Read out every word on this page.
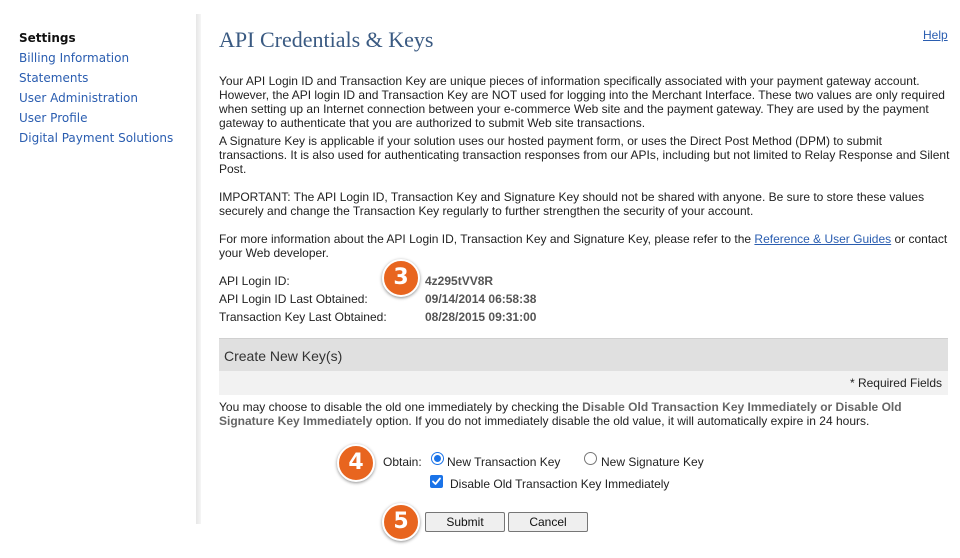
Settings
Billing Information
Statements
User Administration
User Profile
Digital Payment Solutions
API Credentials & Keys	Help
Your API Login ID and Transaction Key are unique pieces of information specifically associated with your payment gateway account. However, the API login ID and Transaction Key are NOT used for logging into the Merchant Interface. These two values are only required when setting up an Internet connection between your e-commerce Web site and the payment gateway. They are used by the payment gateway to authenticate that you are authorized to submit Web site transactions.
A Signature Key is applicable if your solution uses our hosted payment form, or uses the Direct Post Method (DPM) to submit transactions. It is also used for authenticating transaction responses from our APIs, including but not limited to Relay Response and Silent Post.
IMPORTANT: The API Login ID, Transaction Key and Signature Key should not be shared with anyone. Be sure to store these values securely and change the Transaction Key regularly to further strengthen the security of your account.
For more information about the API Login ID, Transaction Key and Signature Key, please refer to the Reference & User Guides or contact your Web developer.
API Login ID:	4z295tVV8R
API Login ID Last Obtained:	09/14/2014 06:58:38
Transaction Key Last Obtained:	08/28/2015 09:31:00
Create New Key(s)
* Required Fields
You may choose to disable the old one immediately by checking the Disable Old Transaction Key Immediately or Disable Old Signature Key Immediately option. If you do not immediately disable the old value, it will automatically expire in 24 hours.
Obtain: New Transaction Key	New Signature Key
Disable Old Transaction Key Immediately
Submit	Cancel
3
4
5
